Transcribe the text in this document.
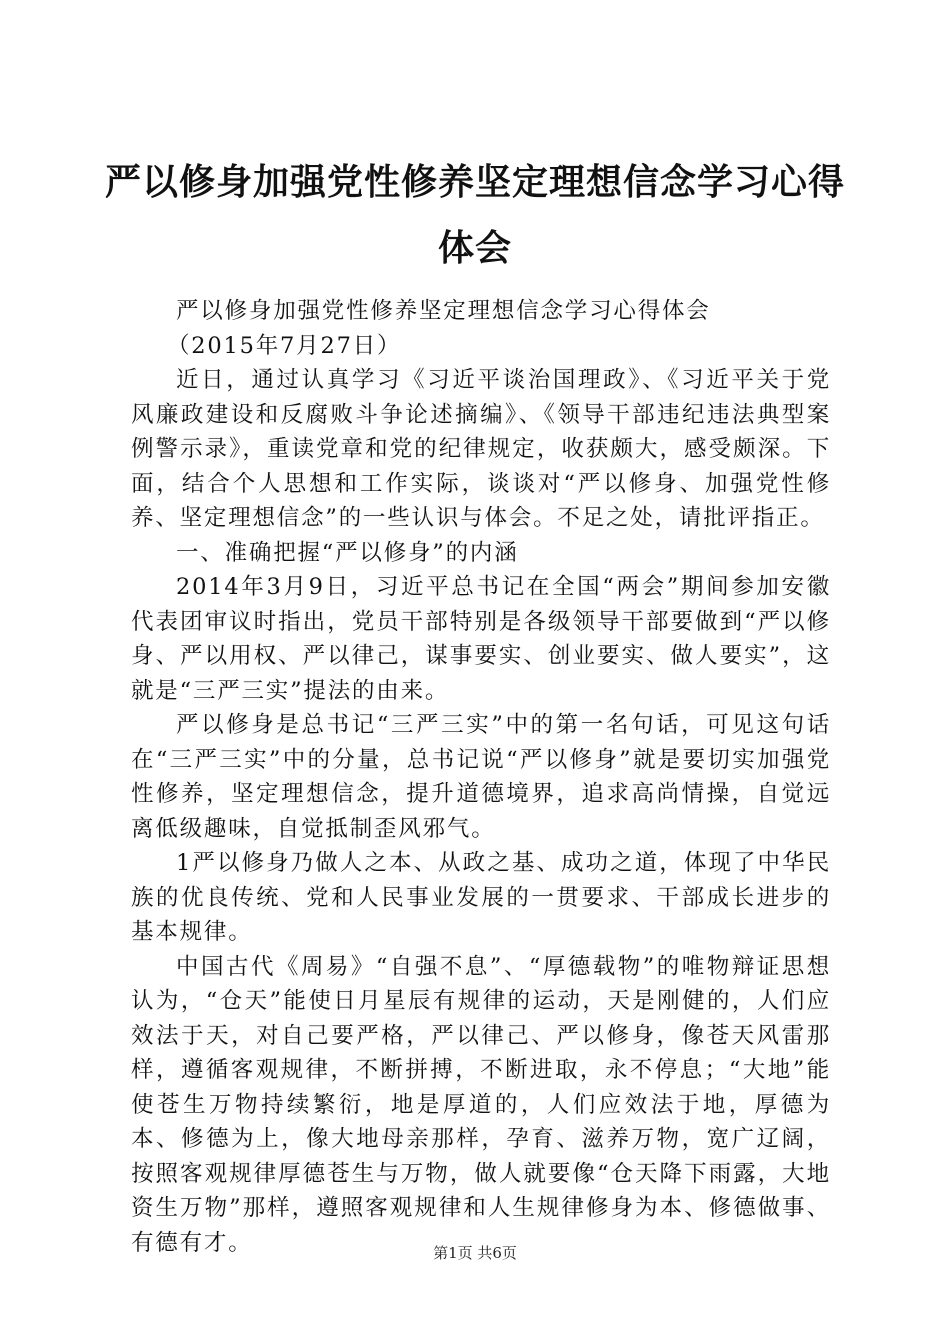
严以修身加强党性修养坚定理想信念学习心得体会

严以修身加强党性修养坚定理想信念学习心得体会

（2015年7月27日）

近日，通过认真学习《习近平谈治国理政》、《习近平关于党风廉政建设和反腐败斗争论述摘编》、《领导干部违纪违法典型案例警示录》，重读党章和党的纪律规定，收获颇大，感受颇深。下面，结合个人思想和工作实际，谈谈对“严以修身、加强党性修养、坚定理想信念”的一些认识与体会。不足之处，请批评指正。

一、准确把握“严以修身”的内涵

2014年3月9日，习近平总书记在全国“两会”期间参加安徽代表团审议时指出，党员干部特别是各级领导干部要做到“严以修身、严以用权、严以律己，谋事要实、创业要实、做人要实”，这就是“三严三实”提法的由来。

严以修身是总书记“三严三实”中的第一名句话，可见这句话在“三严三实”中的分量，总书记说“严以修身”就是要切实加强党性修养，坚定理想信念，提升道德境界，追求高尚情操，自觉远离低级趣味，自觉抵制歪风邪气。

1严以修身乃做人之本、从政之基、成功之道，体现了中华民族的优良传统、党和人民事业发展的一贯要求、干部成长进步的基本规律。

中国古代《周易》“自强不息”、“厚德载物”的唯物辩证思想认为，“仓天”能使日月星辰有规律的运动，天是刚健的，人们应效法于天，对自己要严格，严以律己、严以修身，像苍天风雷那样，遵循客观规律，不断拼搏，不断进取，永不停息；“大地”能使苍生万物持续繁衍，地是厚道的，人们应效法于地，厚德为本、修德为上，像大地母亲那样，孕育、滋养万物，宽广辽阔，按照客观规律厚德苍生与万物，做人就要像“仓天降下雨露，大地资生万物”那样，遵照客观规律和人生规律修身为本、修德做事、有德有才。	第1页 共6页
